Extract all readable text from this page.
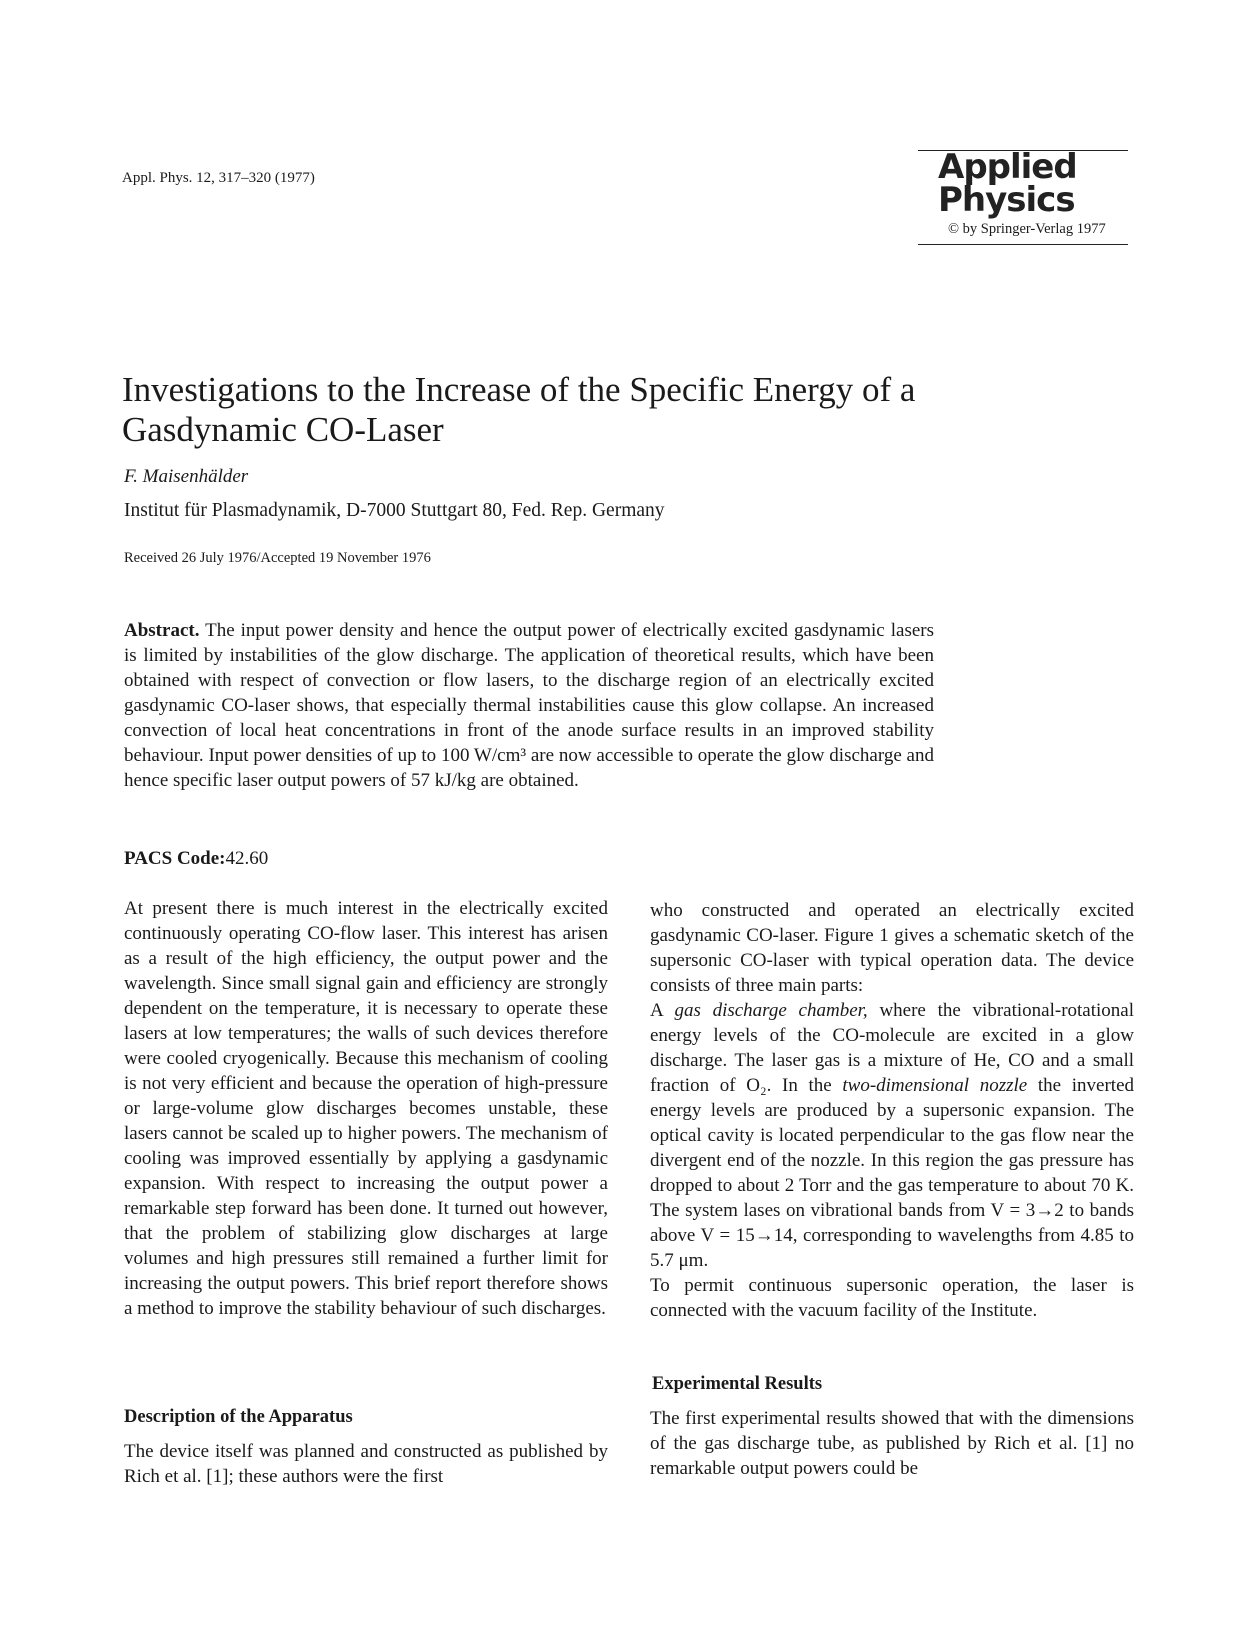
Appl. Phys. 12, 317–320 (1977)	Applied
Physics
© by Springer-Verlag 1977
Investigations to the Increase of the Specific Energy of a Gasdynamic CO-Laser
F. Maisenhälder
Institut für Plasmadynamik, D-7000 Stuttgart 80, Fed. Rep. Germany
Received 26 July 1976/Accepted 19 November 1976
Abstract. The input power density and hence the output power of electrically excited gasdynamic lasers is limited by instabilities of the glow discharge. The application of theoretical results, which have been obtained with respect of convection or flow lasers, to the discharge region of an electrically excited gasdynamic CO-laser shows, that especially thermal instabilities cause this glow collapse. An increased convection of local heat concentrations in front of the anode surface results in an improved stability behaviour. Input power densities of up to 100 W/cm³ are now accessible to operate the glow discharge and hence specific laser output powers of 57 kJ/kg are obtained.
PACS Code:42.60

At present there is much interest in the electrically excited continuously operating CO-flow laser. This interest has arisen as a result of the high efficiency, the output power and the wavelength. Since small signal gain and efficiency are strongly dependent on the temperature, it is necessary to operate these lasers at low temperatures; the walls of such devices therefore were cooled cryogenically. Because this mechanism of cooling is not very efficient and because the operation of high-pressure or large-volume glow discharges becomes unstable, these lasers cannot be scaled up to higher powers. The mechanism of cooling was improved essentially by applying a gasdynamic expansion. With respect to increasing the output power a remarkable step forward has been done. It turned out however, that the problem of stabilizing glow discharges at large volumes and high pressures still remained a further limit for increasing the output powers. This brief report therefore shows a method to improve the stability behaviour of such discharges.

Description of the Apparatus

The device itself was planned and constructed as published by Rich et al. [1]; these authors were the first

who constructed and operated an electrically excited gasdynamic CO-laser. Figure 1 gives a schematic sketch of the supersonic CO-laser with typical operation data. The device consists of three main parts:

A gas discharge chamber, where the vibrational-rotational energy levels of the CO-molecule are excited in a glow discharge. The laser gas is a mixture of He, CO and a small fraction of O₂. In the two-dimensional nozzle the inverted energy levels are produced by a supersonic expansion. The optical cavity is located perpendicular to the gas flow near the divergent end of the nozzle. In this region the gas pressure has dropped to about 2 Torr and the gas temperature to about 70 K. The system lases on vibrational bands from V = 3→2 to bands above V = 15→14, corresponding to wavelengths from 4.85 to 5.7 μm.

To permit continuous supersonic operation, the laser is connected with the vacuum facility of the Institute.

Experimental Results

The first experimental results showed that with the dimensions of the gas discharge tube, as published by Rich et al. [1] no remarkable output powers could be
